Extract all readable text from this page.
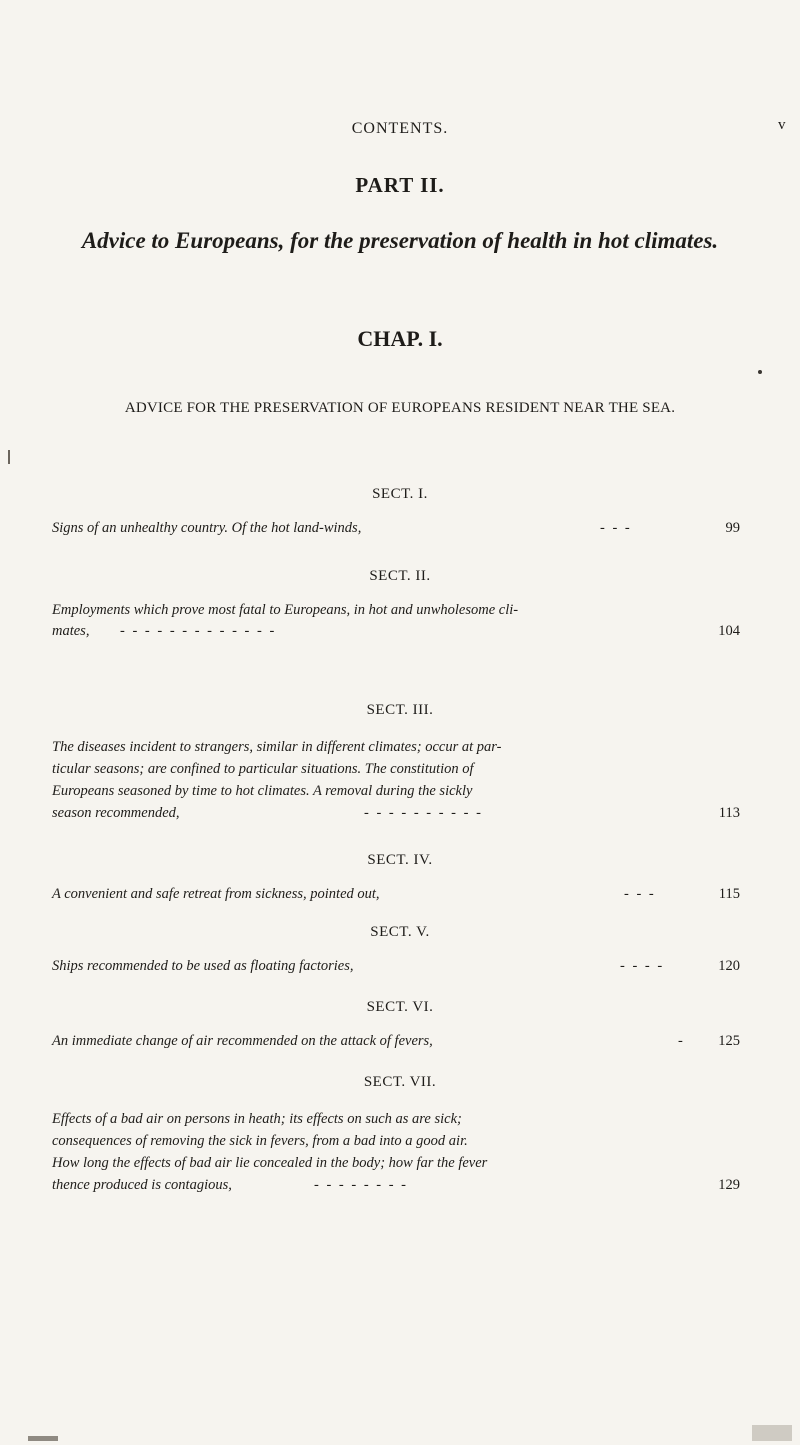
CONTENTS.	v
PART II.
Advice to Europeans, for the preservation of health in hot climates.
CHAP. I.
ADVICE FOR THE PRESERVATION OF EUROPEANS RESIDENT NEAR THE SEA.
SECT. I.
Signs of an unhealthy country. Of the hot land-winds,	- - -	99
SECT. II.
Employments which prove most fatal to Europeans, in hot and unwholesome cli-
mates, - - - - - - - - - - - - -	104
SECT. III.
The diseases incident to strangers, similar in different climates; occur at par-
ticular seasons; are confined to particular situations. The constitution of
Europeans seasoned by time to hot climates. A removal during the sickly
season recommended,	- - - - - - - - - -	113
SECT. IV.
A convenient and safe retreat from sickness, pointed out,	- - -	115
SECT. V.
Ships recommended to be used as floating factories,	- - - -	120
SECT. VI.
An immediate change of air recommended on the attack of fevers,	- 125
SECT. VII.
Effects of a bad air on persons in heath; its effects on such as are sick;
consequences of removing the sick in fevers, from a bad into a good air.
How long the effects of bad air lie concealed in the body; how far the fever
thence produced is contagious,	- - - - - - - -	129
